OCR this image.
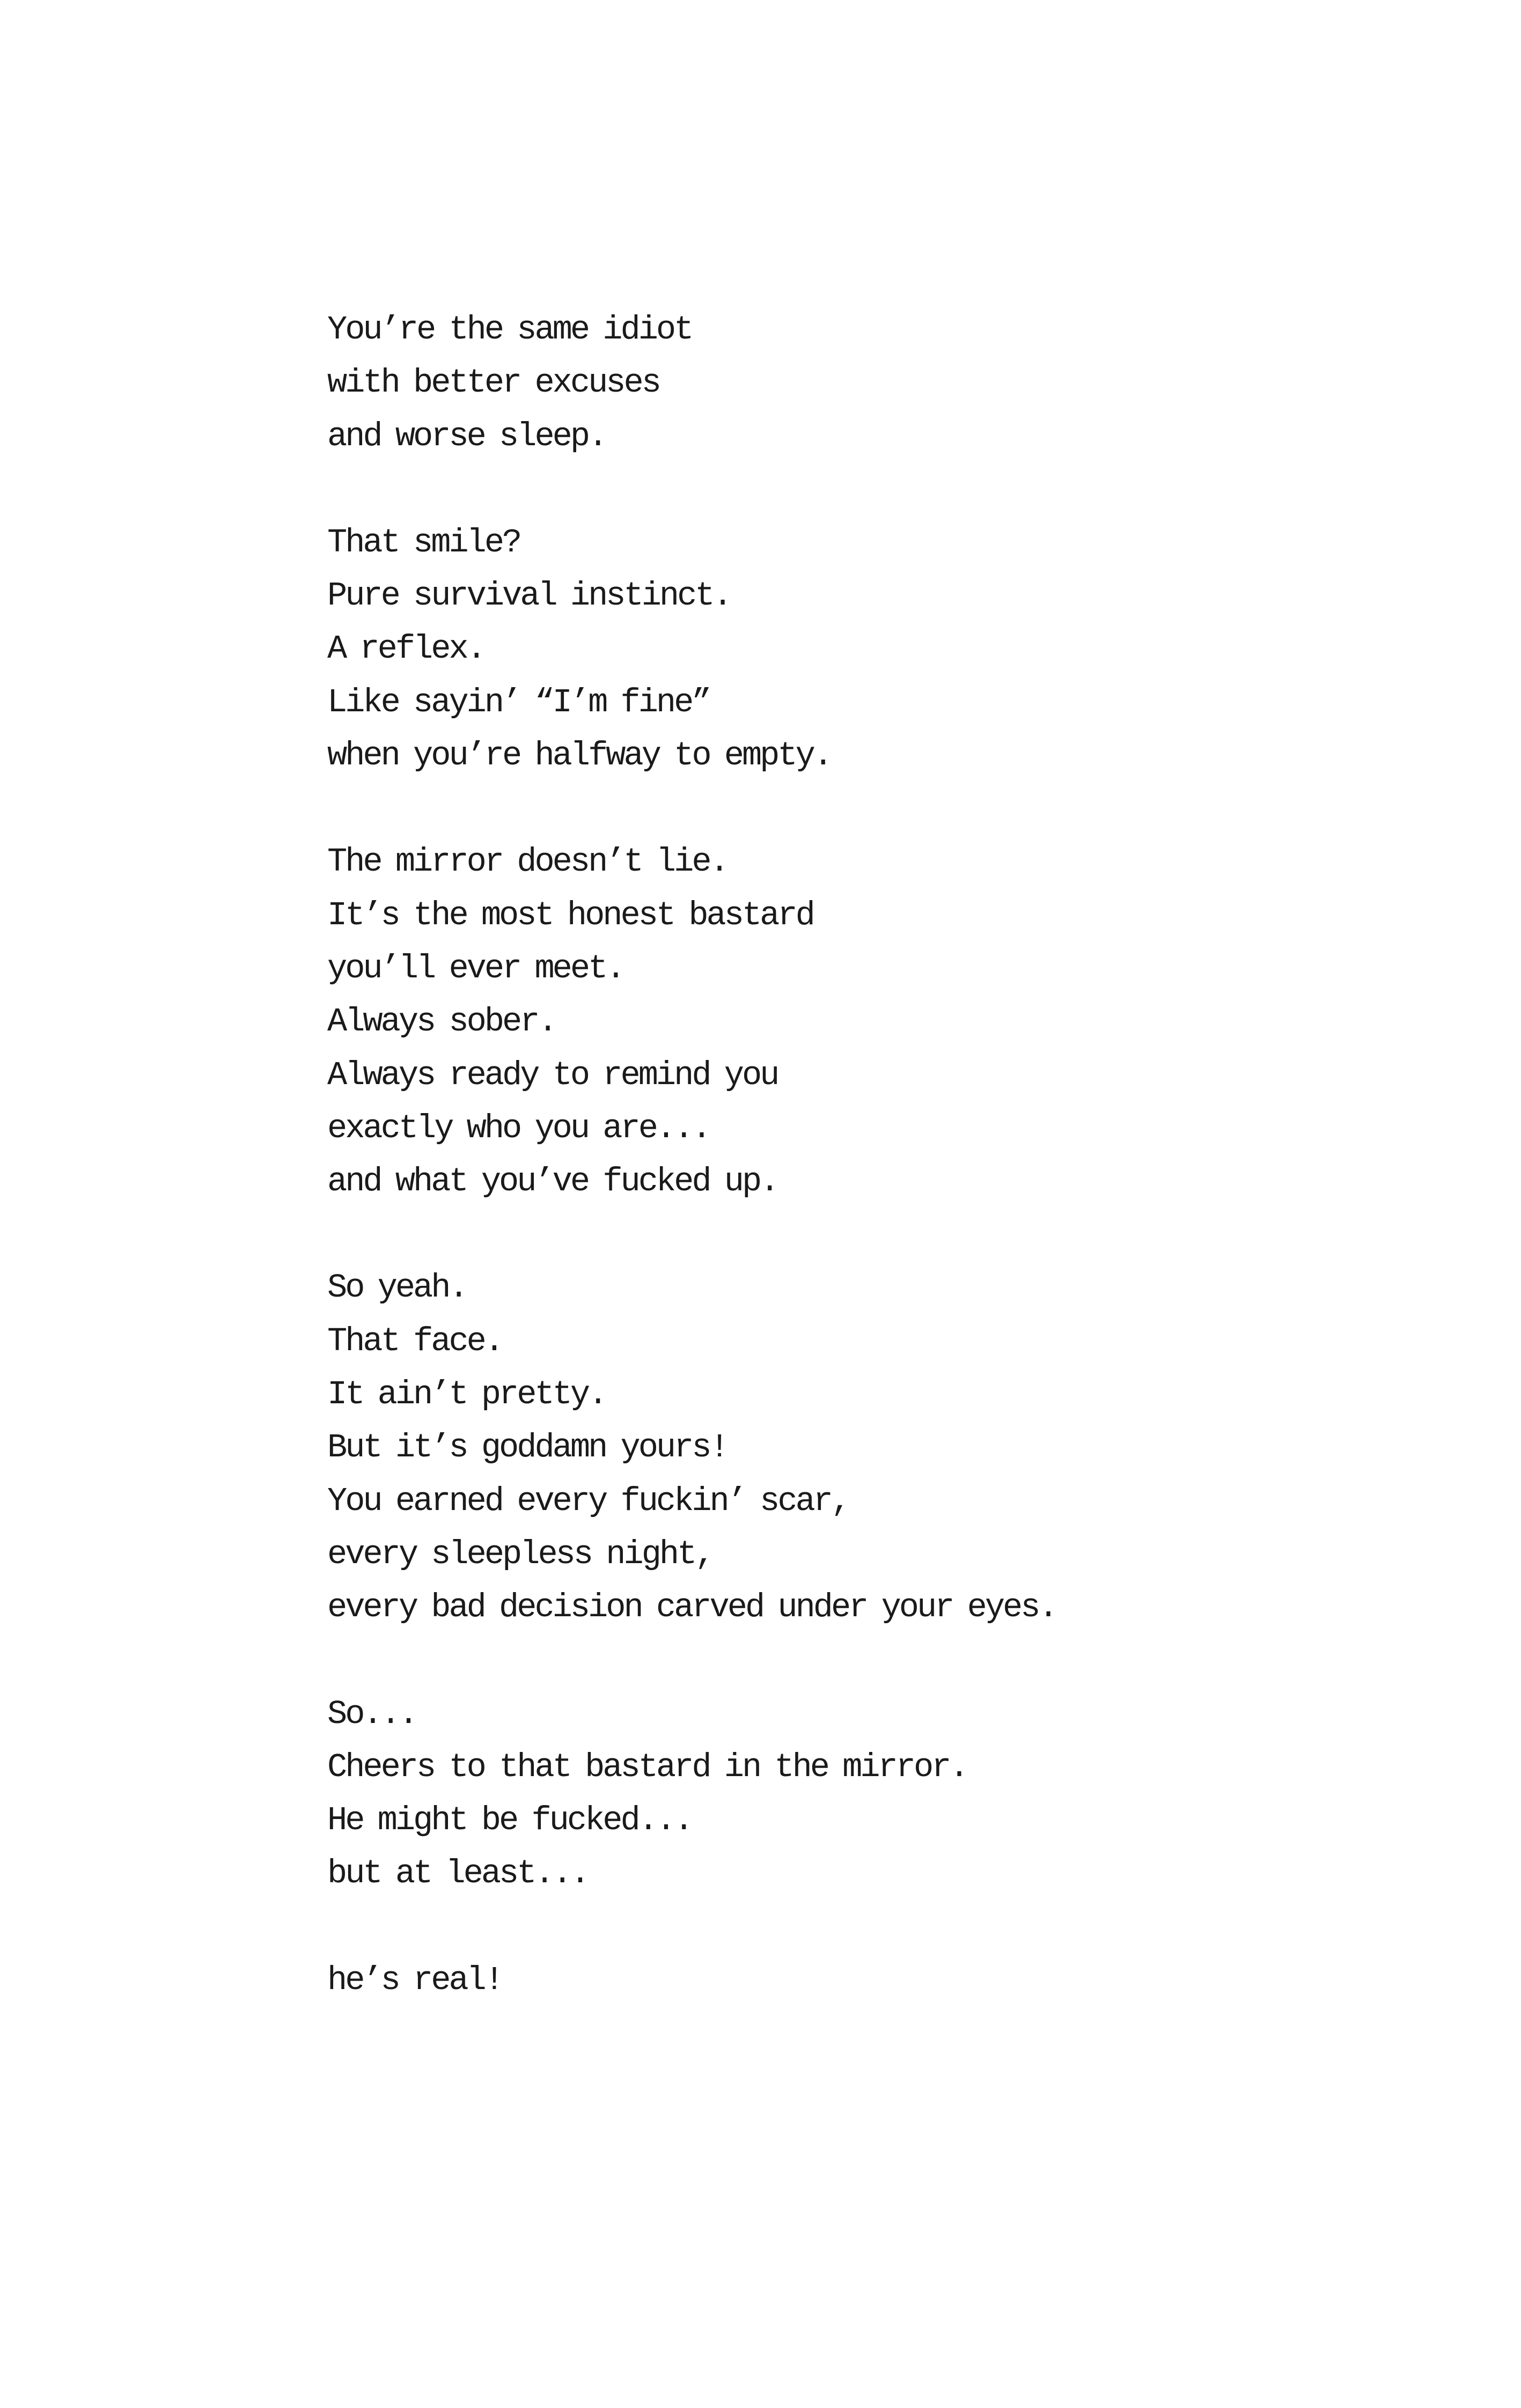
You’re the same idiot
with better excuses
and worse sleep.
That smile?
Pure survival instinct.
A reflex.
Like sayin’ “I’m fine”
when you’re halfway to empty.
The mirror doesn’t lie.
It’s the most honest bastard
you’ll ever meet.
Always sober.
Always ready to remind you
exactly who you are...
and what you’ve fucked up.
So yeah.
That face.
It ain’t pretty.
But it’s goddamn yours!
You earned every fuckin’ scar,
every sleepless night,
every bad decision carved under your eyes.
So...
Cheers to that bastard in the mirror.
He might be fucked...
but at least...
he’s real!
